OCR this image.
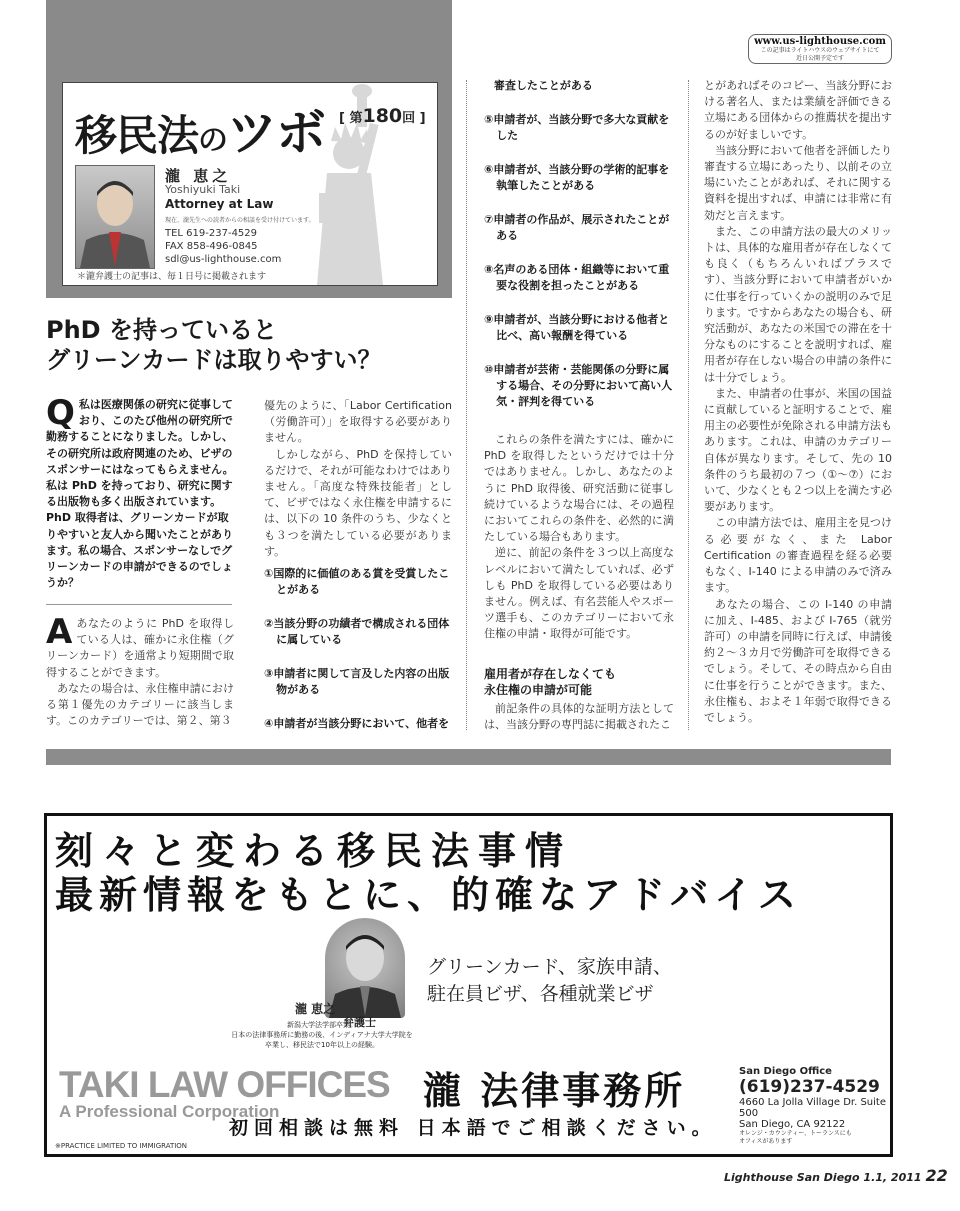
移民法のツボ [ 第180回 ]
瀧 恵之
Yoshiyuki Taki
Attorney at Law
現在、瀧先生への読者からの相談を受け付けています。
TEL 619-237-4529
FAX 858-496-0845
sdl@us-lighthouse.com
＊瀧弁護士の記事は、毎１日号に掲載されます
www.us-lighthouse.com
この記事はライトハウスのウェブサイトにて
近日公開予定です
PhD を持っていると
グリーンカードは取りやすい？
Q私は医療関係の研究に従事しており、このたび他州の研究所で勤務することになりました。しかし、その研究所は政府関連のため、ビザのスポンサーにはなってもらえません。私は PhD を持っており、研究に関する出版物も多く出版されています。PhD 取得者は、グリーンカードが取りやすいと友人から聞いたことがあります。私の場合、スポンサーなしでグリーンカードの申請ができるのでしょうか？

Aあなたのように PhD を取得している人は、確かに永住権（グリーンカード）を通常より短期間で取得することができます。

あなたの場合は、永住権申請における第１優先のカテゴリーに該当します。このカテゴリーでは、第２、第３

優先のように、「Labor Certification（労働許可）」を取得する必要がありません。

しかしながら、PhD を保持しているだけで、それが可能なわけではありません。「高度な特殊技能者」として、ビザではなく永住権を申請するには、以下の 10 条件のうち、少なくとも３つを満たしている必要があります。

①国際的に価値のある賞を受賞したことがある
②当該分野の功績者で構成される団体に属している
③申請者に関して言及した内容の出版物がある
④申請者が当該分野において、他者を
審査したことがある
⑤申請者が、当該分野で多大な貢献をした
⑥申請者が、当該分野の学術的記事を執筆したことがある
⑦申請者の作品が、展示されたことがある
⑧名声のある団体・組織等において重要な役割を担ったことがある
⑨申請者が、当該分野における他者と比べ、高い報酬を得ている
⑩申請者が芸術・芸能関係の分野に属する場合、その分野において高い人気・評判を得ている

これらの条件を満たすには、確かに PhD を取得したというだけでは十分ではありません。しかし、あなたのように PhD 取得後、研究活動に従事し続けているような場合には、その過程においてこれらの条件を、必然的に満たしている場合もあります。

逆に、前記の条件を３つ以上高度なレベルにおいて満たしていれば、必ずしも PhD を取得している必要はありません。例えば、有名芸能人やスポーツ選手も、このカテゴリーにおいて永住権の申請・取得が可能です。

雇用者が存在しなくても
永住権の申請が可能

前記条件の具体的な証明方法としては、当該分野の専門誌に掲載されたこ

とがあればそのコピー、当該分野における著名人、または業績を評価できる立場にある団体からの推薦状を提出するのが好ましいです。

当該分野において他者を評価したり審査する立場にあったり、以前その立場にいたことがあれば、それに関する資料を提出すれば、申請には非常に有効だと言えます。

また、この申請方法の最大のメリットは、具体的な雇用者が存在しなくても良く（もちろんいればプラスです）、当該分野において申請者がいかに仕事を行っていくかの説明のみで足ります。ですからあなたの場合も、研究活動が、あなたの米国での滞在を十分なものにすることを説明すれば、雇用者が存在しない場合の申請の条件には十分でしょう。

また、申請者の仕事が、米国の国益に貢献していると証明することで、雇用主の必要性が免除される申請方法もあります。これは、申請のカテゴリー自体が異なります。そして、先の 10 条件のうち最初の７つ（①〜⑦）において、少なくとも２つ以上を満たす必要があります。

この申請方法では、雇用主を見つける必要がなく、また Labor Certification の審査過程を経る必要もなく、I-140 による申請のみで済みます。

あなたの場合、この I-140 の申請に加え、I-485、および I-765（就労許可）の申請を同時に行えば、申請後約２〜３カ月で労働許可を取得できるでしょう。そして、その時点から自由に仕事を行うことができます。また、永住権も、およそ１年弱で取得できるでしょう。

刻々と変わる移民法事情
最新情報をもとに、的確なアドバイス
グリーンカード、家族申請、
駐在員ビザ、各種就業ビザ
瀧 恵之
弁護士
新潟大学法学部卒業。
日本の法律事務所に勤務の後、インディアナ大学大学院を
卒業し、移民法で10年以上の経験。
TAKI LAW OFFICES
A Professional Corporation	瀧 法律事務所
初回相談は無料 日本語でご相談ください。
San Diego Office
(619)237-4529
4660 La Jolla Village Dr. Suite 500
San Diego, CA 92122
オレンジ・カウンティー、トーランスにも
オフィスがあります
※PRACTICE LIMITED TO IMMIGRATION
Lighthouse San Diego 1.1, 2011 22
